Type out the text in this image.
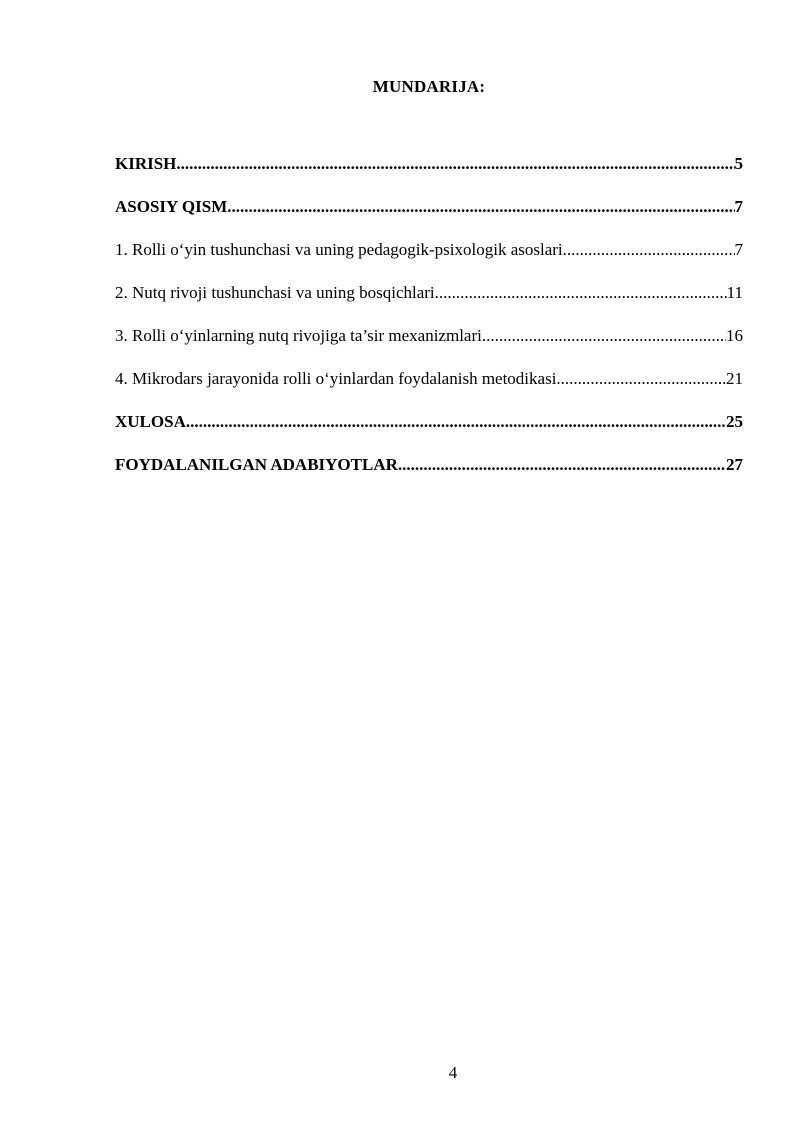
MUNDARIJA:
KIRISH .....	5
ASOSIY QISM .....	7
1. Rolli o‘yin tushunchasi va uning pedagogik-psixologik asoslari .....	7
2. Nutq rivoji tushunchasi va uning bosqichlari .....	11
3. Rolli o‘yinlarning nutq rivojiga ta’sir mexanizmlari .....	16
4. Mikrodars jarayonida rolli o‘yinlardan foydalanish metodikasi .....	21
XULOSA .....	25
FOYDALANILGAN ADABIYOTLAR .....	27
4
